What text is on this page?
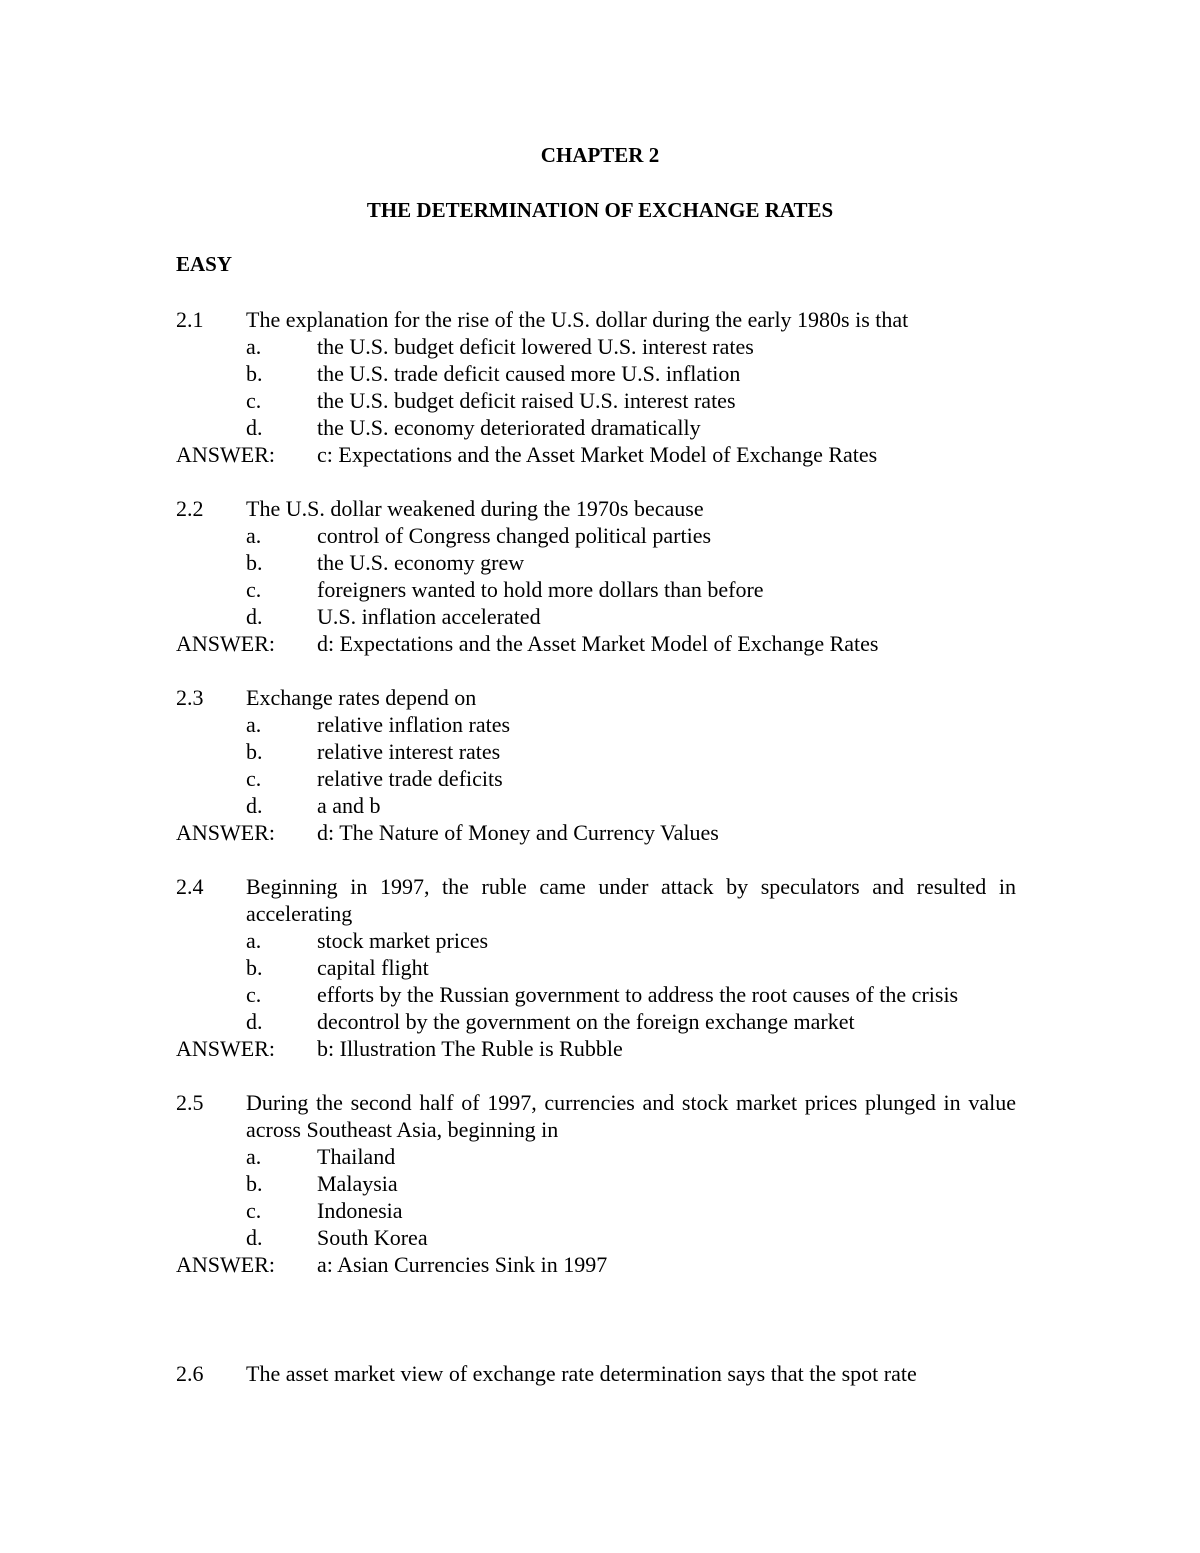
CHAPTER 2
THE DETERMINATION OF EXCHANGE RATES
EASY
2.1 The explanation for the rise of the U.S. dollar during the early 1980s is that
a.	the U.S. budget deficit lowered U.S. interest rates
b. the U.S. trade deficit caused more U.S. inflation
c.	the U.S. budget deficit raised U.S. interest rates
d. the U.S. economy deteriorated dramatically
ANSWER: c: Expectations and the Asset Market Model of Exchange Rates
2.2 The U.S. dollar weakened during the 1970s because
a.	control of Congress changed political parties
b. the U.S. economy grew
c.	foreigners wanted to hold more dollars than before
d. U.S. inflation accelerated
ANSWER: d: Expectations and the Asset Market Model of Exchange Rates
2.3 Exchange rates depend on
a.	relative inflation rates
b. relative interest rates
c.	relative trade deficits
d. a and b
ANSWER: d: The Nature of Money and Currency Values
2.4 Beginning in 1997, the ruble came under attack by speculators and resulted in accelerating
a.	stock market prices
b. capital flight
c.	efforts by the Russian government to address the root causes of the crisis
d. decontrol by the government on the foreign exchange market
ANSWER: b: Illustration The Ruble is Rubble
2.5 During the second half of 1997, currencies and stock market prices plunged in value across Southeast Asia, beginning in
a.	Thailand
b. Malaysia
c.	Indonesia
d. South Korea
ANSWER: a: Asian Currencies Sink in 1997
2.6 The asset market view of exchange rate determination says that the spot rate
